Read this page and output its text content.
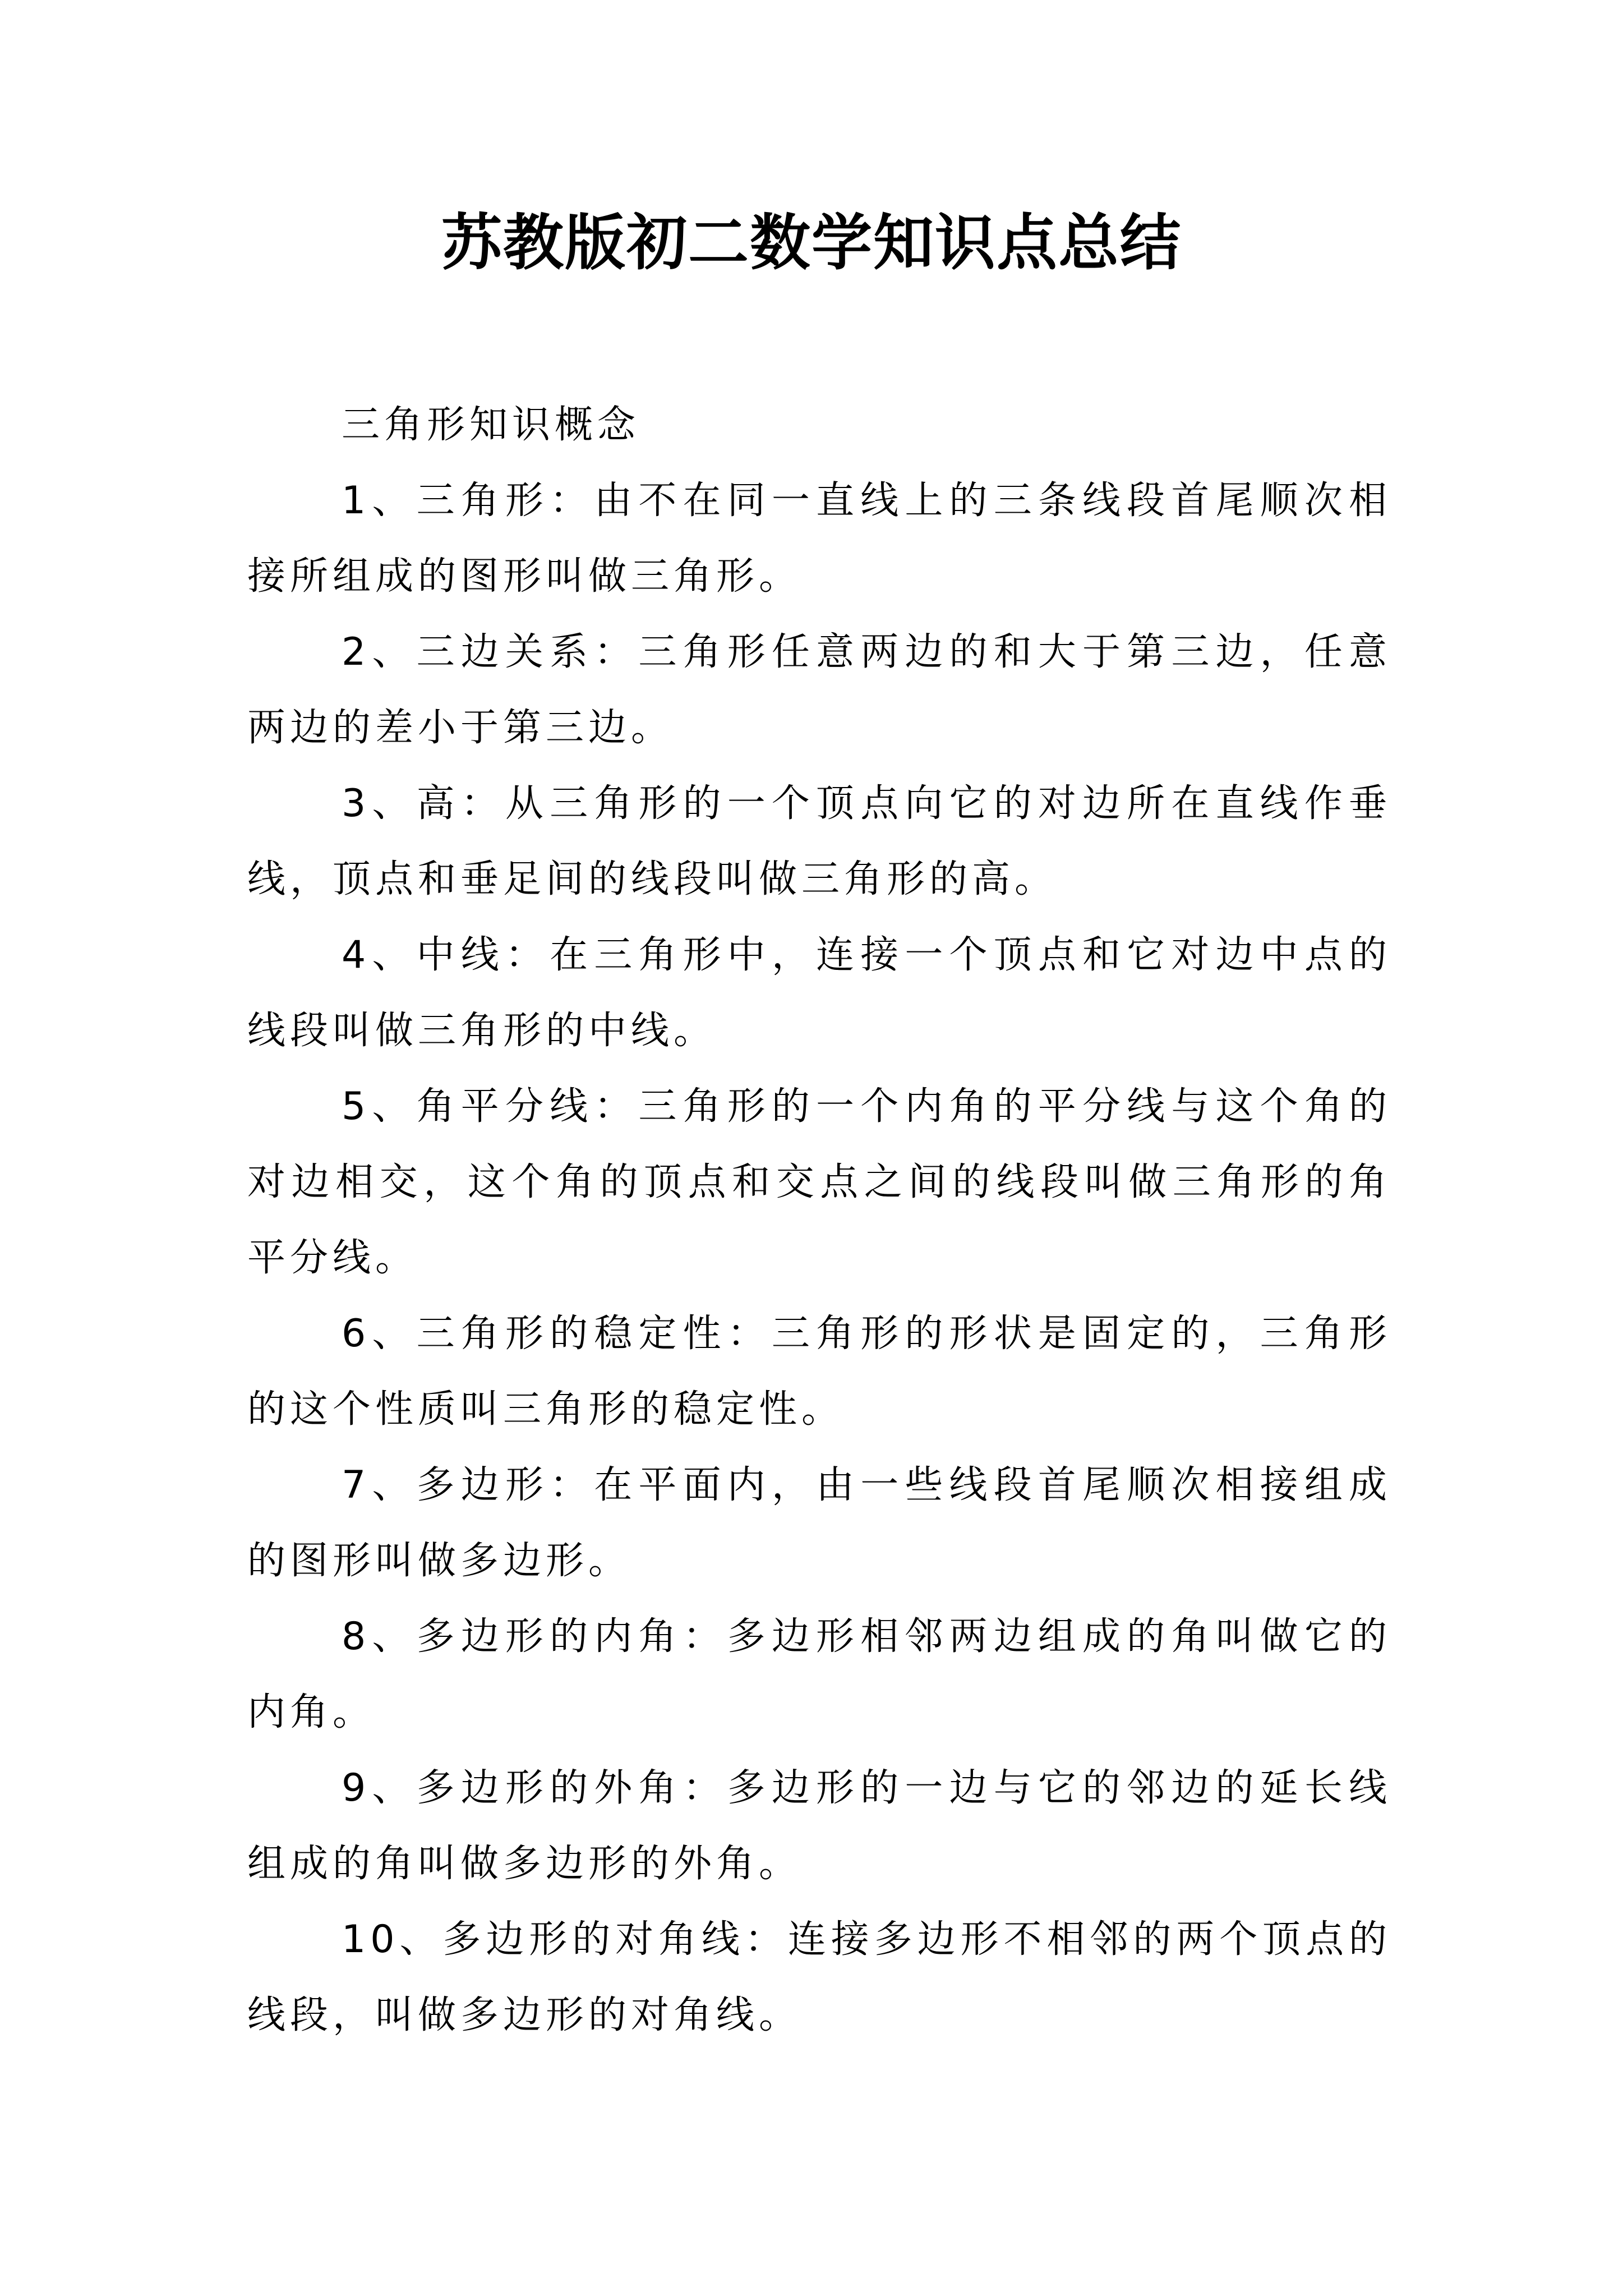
苏教版初二数学知识点总结

三角形知识概念

1、三角形：由不在同一直线上的三条线段首尾顺次相接所组成的图形叫做三角形。

2、三边关系：三角形任意两边的和大于第三边，任意两边的差小于第三边。

3、高：从三角形的一个顶点向它的对边所在直线作垂线，顶点和垂足间的线段叫做三角形的高。

4、中线：在三角形中，连接一个顶点和它对边中点的线段叫做三角形的中线。

5、角平分线：三角形的一个内角的平分线与这个角的对边相交，这个角的顶点和交点之间的线段叫做三角形的角平分线。

6、三角形的稳定性：三角形的形状是固定的，三角形的这个性质叫三角形的稳定性。

7、多边形：在平面内，由一些线段首尾顺次相接组成的图形叫做多边形。

8、多边形的内角：多边形相邻两边组成的角叫做它的内角。

9、多边形的外角：多边形的一边与它的邻边的延长线组成的角叫做多边形的外角。

10、多边形的对角线：连接多边形不相邻的两个顶点的线段，叫做多边形的对角线。
